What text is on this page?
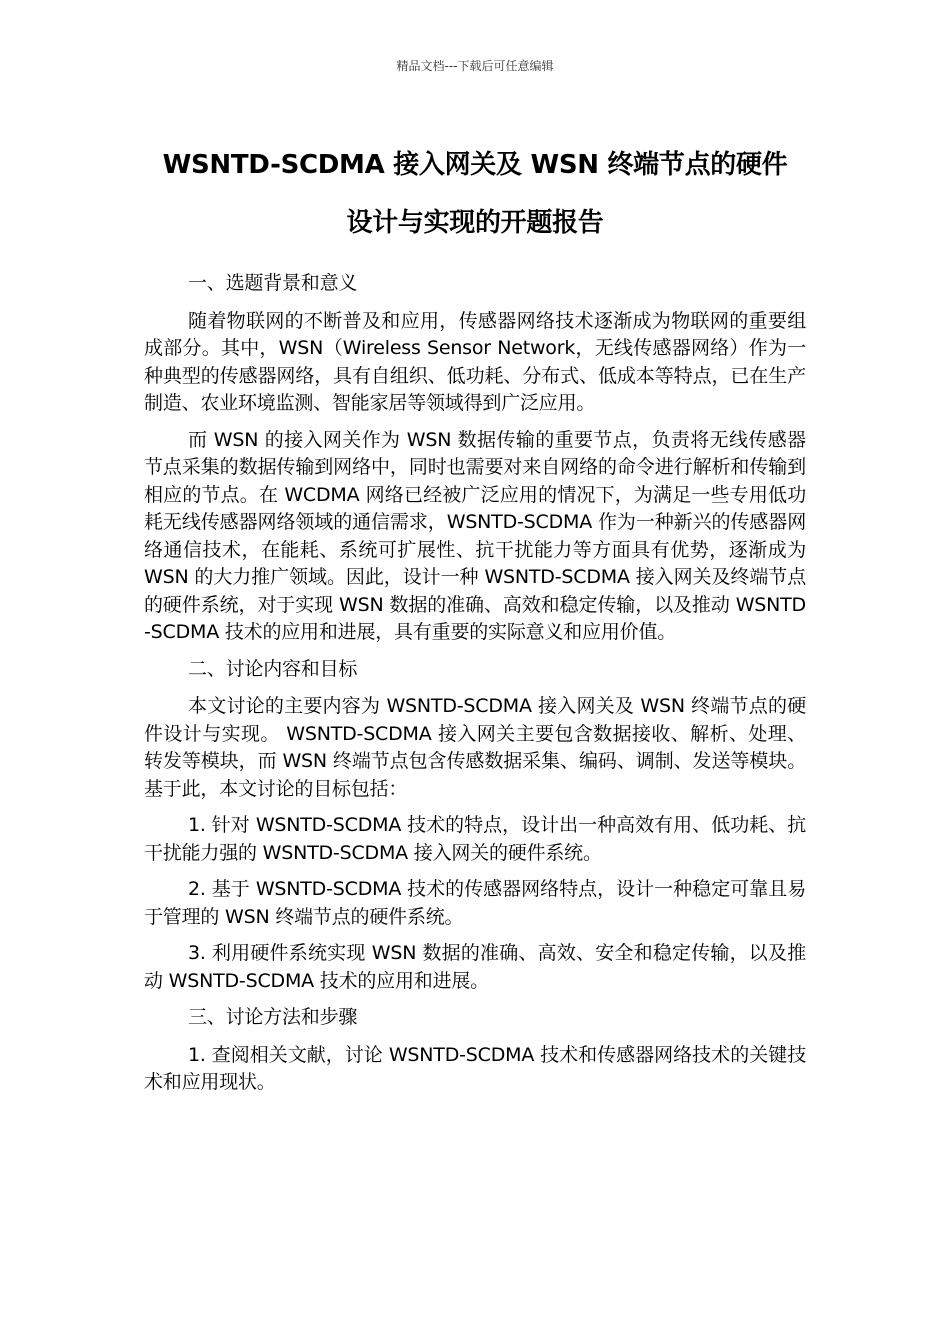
精品文档---下载后可任意编辑
WSNTD-SCDMA 接入网关及 WSN 终端节点的硬件
设计与实现的开题报告

一、选题背景和意义

随着物联网的不断普及和应用，传感器网络技术逐渐成为物联网的重要组成部分。其中，WSN（Wireless Sensor Network，无线传感器网络）作为一种典型的传感器网络，具有自组织、低功耗、分布式、低成本等特点，已在生产制造、农业环境监测、智能家居等领域得到广泛应用。

而 WSN 的接入网关作为 WSN 数据传输的重要节点，负责将无线传感器节点采集的数据传输到网络中，同时也需要对来自网络的命令进行解析和传输到相应的节点。在 WCDMA 网络已经被广泛应用的情况下，为满足一些专用低功耗无线传感器网络领域的通信需求，WSNTD-SCDMA 作为一种新兴的传感器网络通信技术，在能耗、系统可扩展性、抗干扰能力等方面具有优势，逐渐成为 WSN 的大力推广领域。因此，设计一种 WSNTD-SCDMA 接入网关及终端节点的硬件系统，对于实现 WSN 数据的准确、高效和稳定传输，以及推动 WSNTD-SCDMA 技术的应用和进展，具有重要的实际意义和应用价值。

二、讨论内容和目标

本文讨论的主要内容为 WSNTD-SCDMA 接入网关及 WSN 终端节点的硬件设计与实现。 WSNTD-SCDMA 接入网关主要包含数据接收、解析、处理、转发等模块，而 WSN 终端节点包含传感数据采集、编码、调制、发送等模块。基于此，本文讨论的目标包括：

1. 针对 WSNTD-SCDMA 技术的特点，设计出一种高效有用、低功耗、抗干扰能力强的 WSNTD-SCDMA 接入网关的硬件系统。

2. 基于 WSNTD-SCDMA 技术的传感器网络特点，设计一种稳定可靠且易于管理的 WSN 终端节点的硬件系统。

3. 利用硬件系统实现 WSN 数据的准确、高效、安全和稳定传输，以及推动 WSNTD-SCDMA 技术的应用和进展。

三、讨论方法和步骤

1. 查阅相关文献，讨论 WSNTD-SCDMA 技术和传感器网络技术的关键技术和应用现状。
